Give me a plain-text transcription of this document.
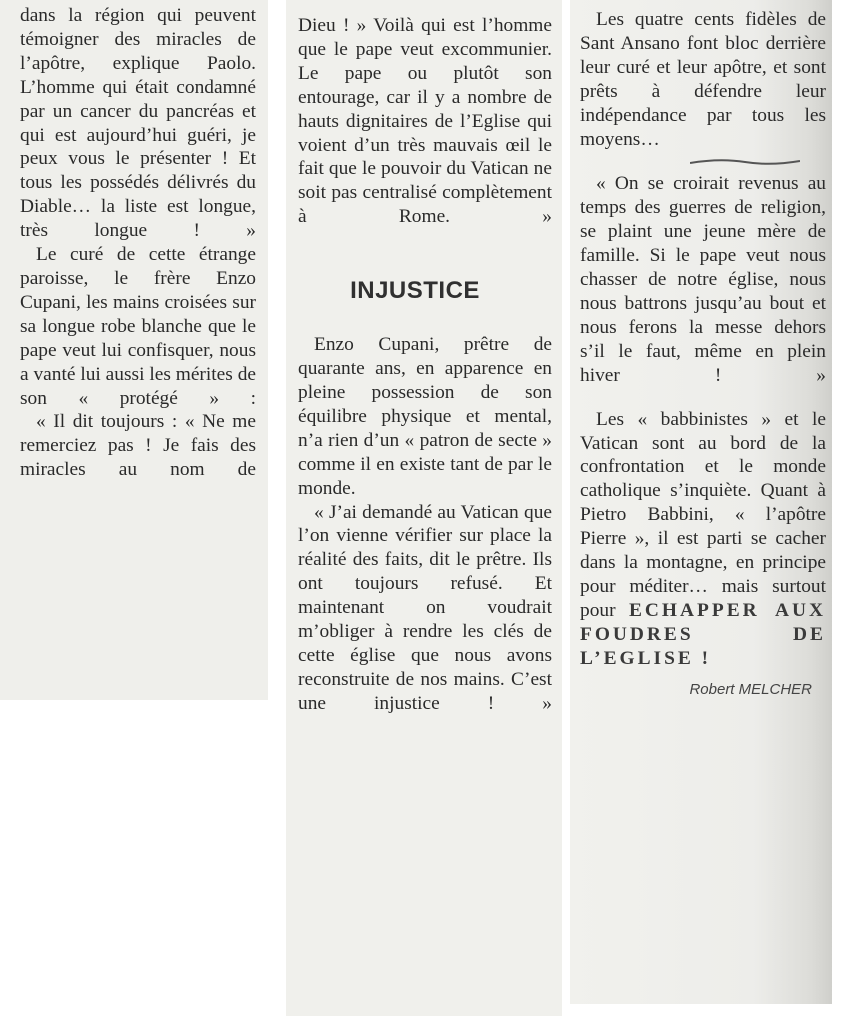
dans la région qui peuvent témoigner des miracles de l’apôtre, explique Paolo. L’homme qui était condamné par un cancer du pancréas et qui est aujourd’hui guéri, je peux vous le présenter ! Et tous les possédés délivrés du Diable… la liste est longue, très longue ! »

Le curé de cette étrange paroisse, le frère Enzo Cupani, les mains croisées sur sa longue robe blanche que le pape veut lui confisquer, nous a vanté lui aussi les mérites de son « protégé » :

« Il dit toujours : « Ne me remerciez pas ! Je fais des miracles au nom de

Dieu ! » Voilà qui est l’homme que le pape veut excommunier. Le pape ou plutôt son entourage, car il y a nombre de hauts dignitaires de l’Eglise qui voient d’un très mauvais œil le fait que le pouvoir du Vatican ne soit pas centralisé complètement à Rome. »

INJUSTICE

Enzo Cupani, prêtre de quarante ans, en apparence en pleine possession de son équilibre physique et mental, n’a rien d’un « patron de secte » comme il en existe tant de par le monde.

« J’ai demandé au Vatican que l’on vienne vérifier sur place la réalité des faits, dit le prêtre. Ils ont toujours refusé. Et maintenant on voudrait m’obliger à rendre les clés de cette église que nous avons reconstruite de nos mains. C’est une injustice ! »

Les quatre cents fidèles de Sant Ansano font bloc derrière leur curé et leur apôtre, et sont prêts à défendre leur indépendance par tous les moyens…

« On se croirait revenus au temps des guerres de religion, se plaint une jeune mère de famille. Si le pape veut nous chasser de notre église, nous nous battrons jusqu’au bout et nous ferons la messe dehors s’il le faut, même en plein hiver ! »

Les « babbinistes » et le Vatican sont au bord de la confrontation et le monde catholique s’inquiète. Quant à Pietro Babbini, « l’apôtre Pierre », il est parti se cacher dans la montagne, en principe pour méditer… mais surtout pour ECHAPPER AUX FOUDRES DE L’EGLISE !

Robert MELCHER
